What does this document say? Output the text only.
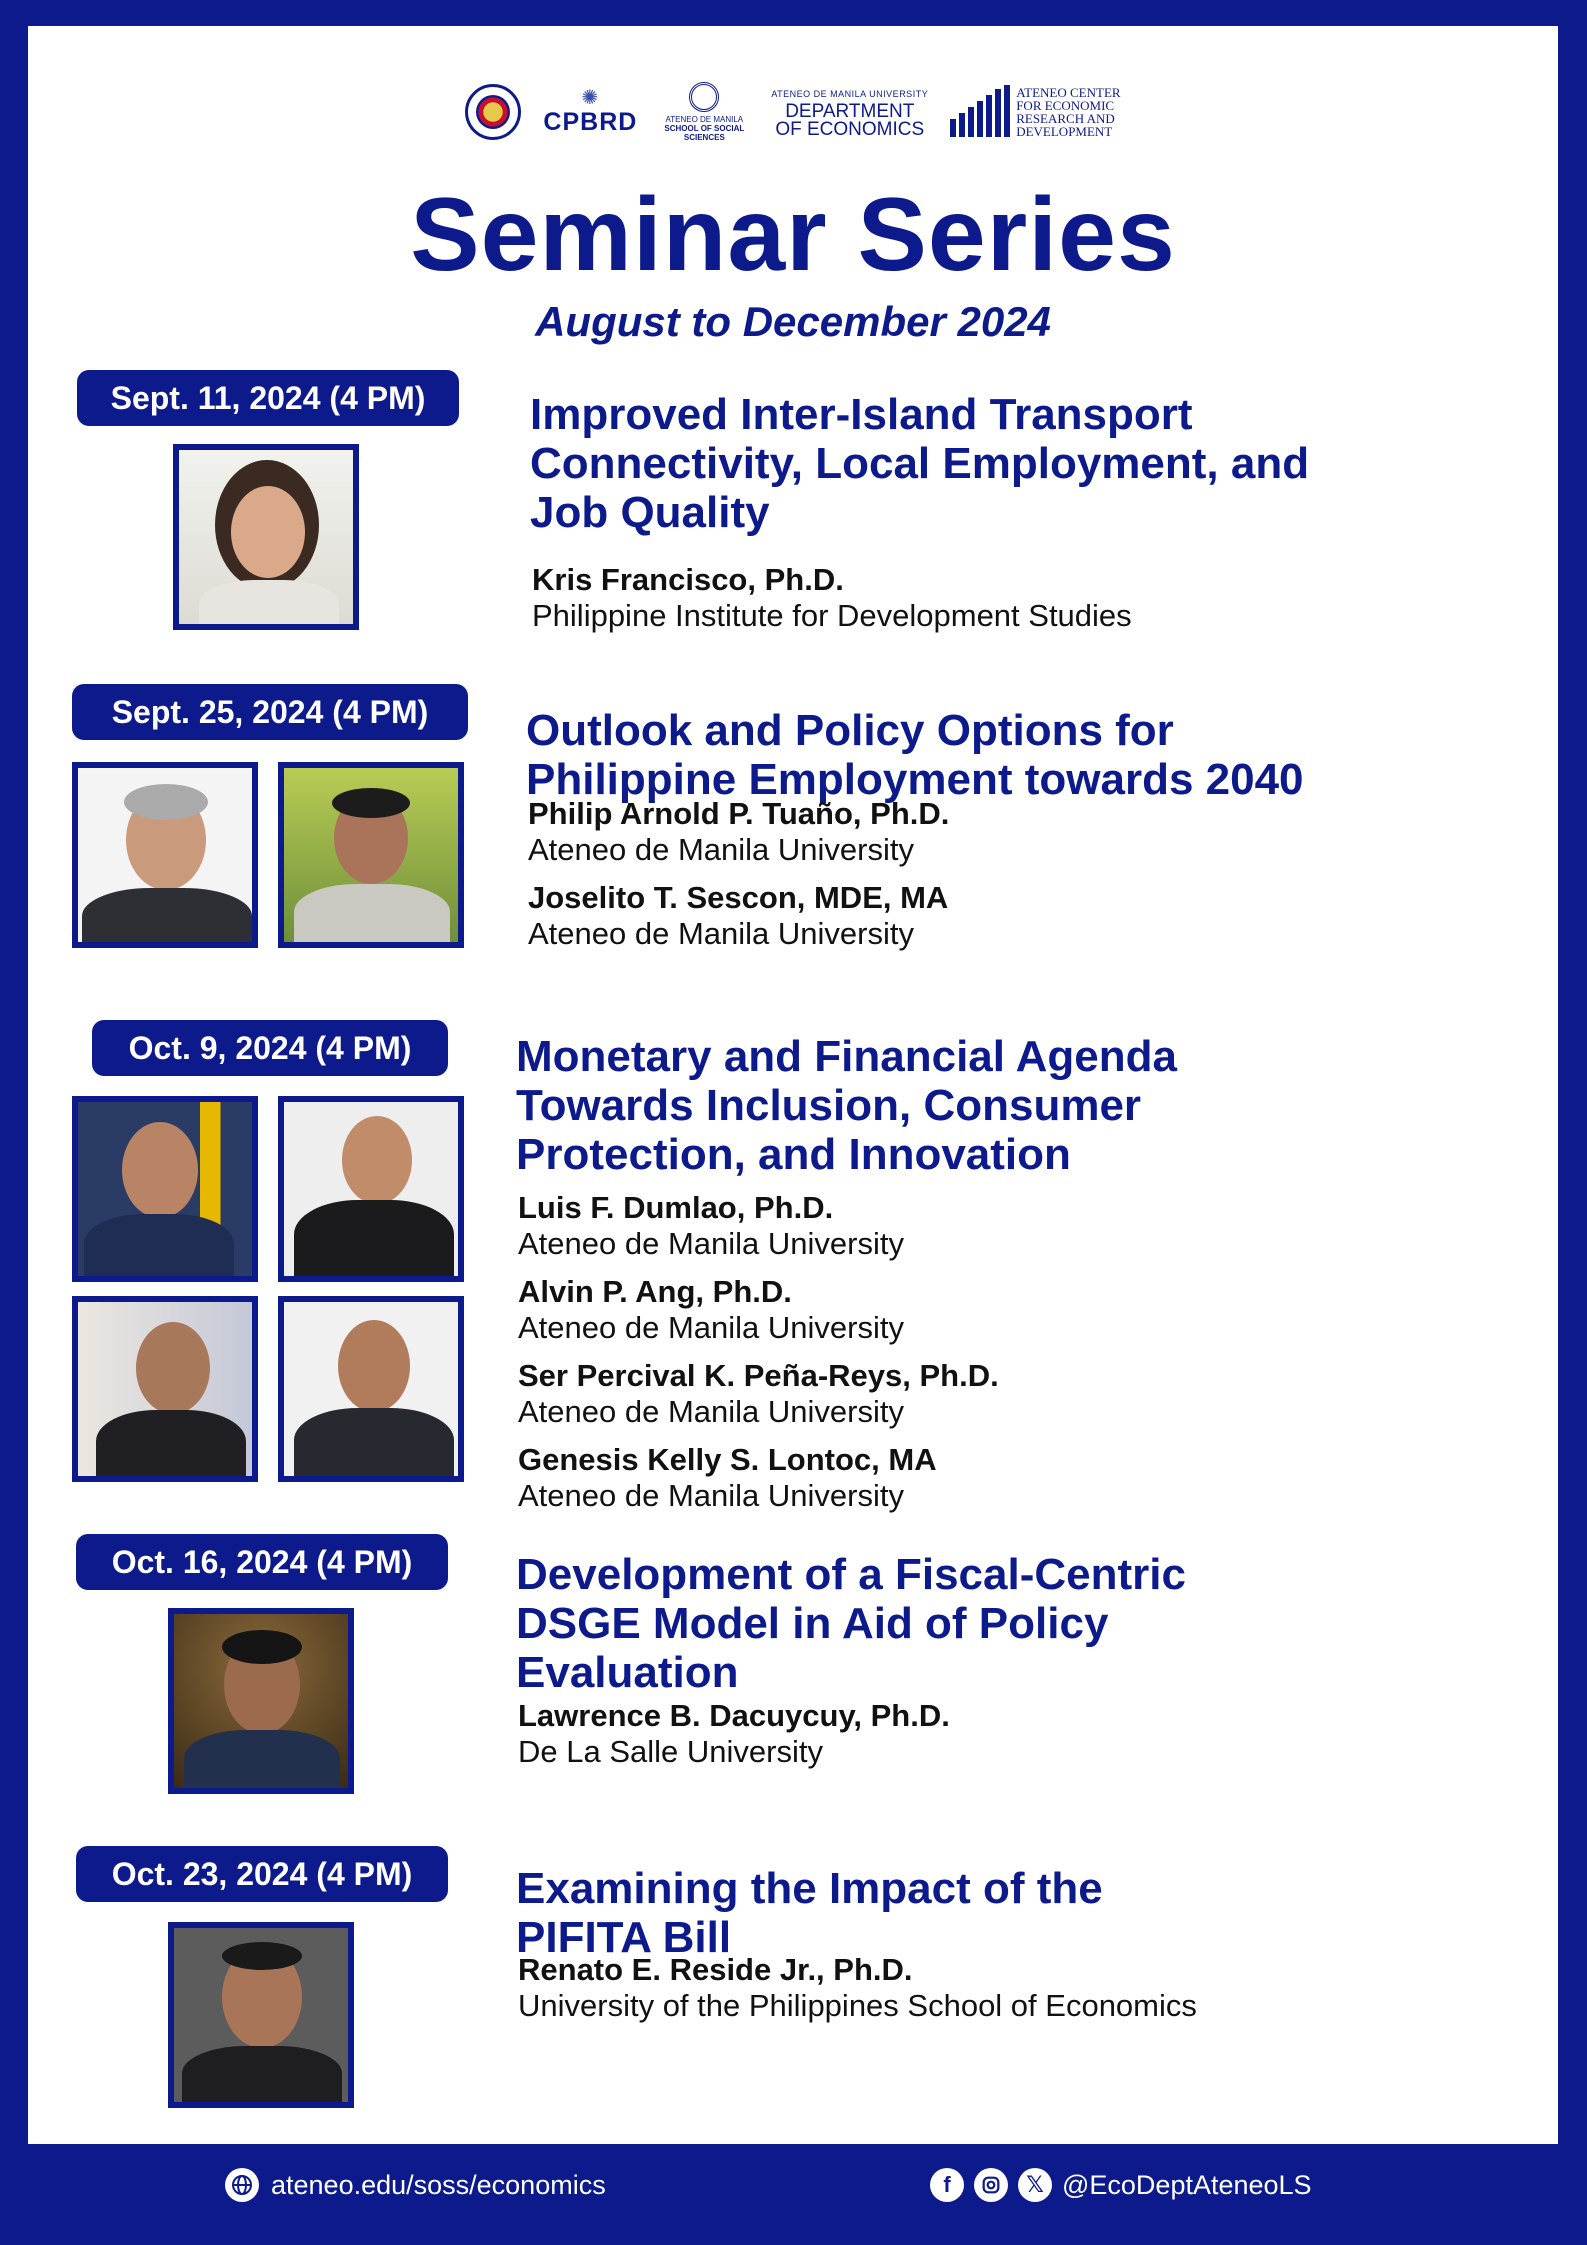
✺
CPBRD	ATENEO DE MANILA
SCHOOL OF SOCIAL SCIENCES
ATENEO DE MANILA UNIVERSITY
DEPARTMENT
OF ECONOMICS
ATENEO CENTER
FOR ECONOMIC
RESEARCH AND
DEVELOPMENT
Seminar Series
August to December 2024
Sept. 11, 2024 (4 PM)	Improved Inter-Island Transport
Connectivity, Local Employment, and
Job Quality
Kris Francisco, Ph.D.
Philippine Institute for Development Studies
Sept. 25, 2024 (4 PM)	Outlook and Policy Options for
Philippine Employment towards 2040
Philip Arnold P. Tuaño, Ph.D.
Ateneo de Manila University
Joselito T. Sescon, MDE, MA
Ateneo de Manila University
Oct. 9, 2024 (4 PM)	Monetary and Financial Agenda
Towards Inclusion, Consumer
Protection, and Innovation
Luis F. Dumlao, Ph.D.
Ateneo de Manila University
Alvin P. Ang, Ph.D.
Ateneo de Manila University
Ser Percival K. Peña-Reys, Ph.D.
Ateneo de Manila University
Genesis Kelly S. Lontoc, MA
Ateneo de Manila University
Oct. 16, 2024 (4 PM)	Development of a Fiscal-Centric
DSGE Model in Aid of Policy
Evaluation
Lawrence B. Dacuycuy, Ph.D.
De La Salle University
Oct. 23, 2024 (4 PM)	Examining the Impact of the
PIFITA Bill
Renato E. Reside Jr., Ph.D.
University of the Philippines School of Economics
ateneo.edu/soss/economics	f	𝕏 @EcoDeptAteneoLS
